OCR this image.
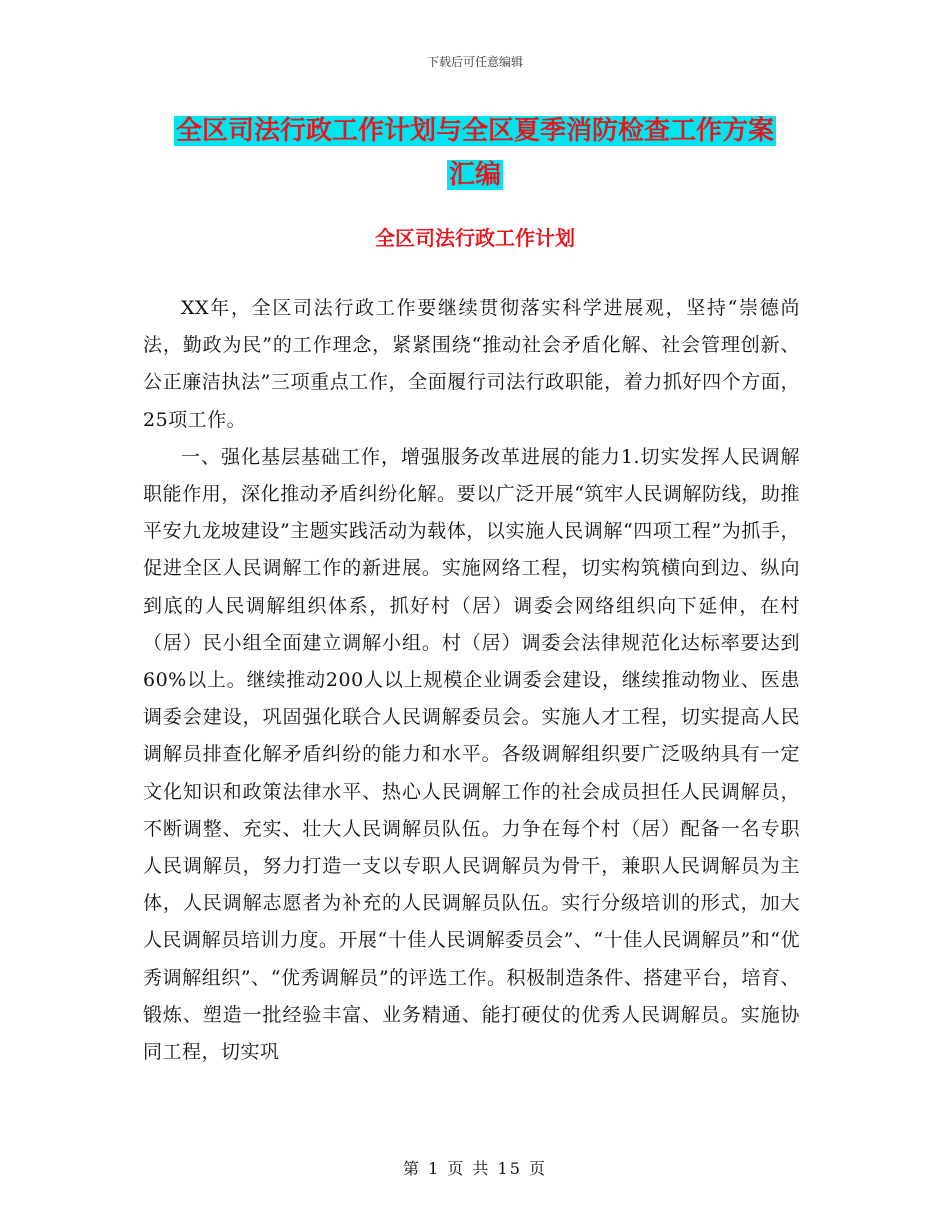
下载后可任意编辑
全区司法行政工作计划与全区夏季消防检查工作方案
汇编
全区司法行政工作计划

XX年，全区司法行政工作要继续贯彻落实科学进展观，坚持“崇德尚法，勤政为民”的工作理念，紧紧围绕“推动社会矛盾化解、社会管理创新、公正廉洁执法”三项重点工作，全面履行司法行政职能，着力抓好四个方面，25项工作。

一、强化基层基础工作，增强服务改革进展的能力1.切实发挥人民调解职能作用，深化推动矛盾纠纷化解。要以广泛开展“筑牢人民调解防线，助推平安九龙坡建设”主题实践活动为载体，以实施人民调解“四项工程”为抓手，促进全区人民调解工作的新进展。实施网络工程，切实构筑横向到边、纵向到底的人民调解组织体系，抓好村（居）调委会网络组织向下延伸，在村（居）民小组全面建立调解小组。村（居）调委会法律规范化达标率要达到60%以上。继续推动200人以上规模企业调委会建设，继续推动物业、医患调委会建设，巩固强化联合人民调解委员会。实施人才工程，切实提高人民调解员排查化解矛盾纠纷的能力和水平。各级调解组织要广泛吸纳具有一定文化知识和政策法律水平、热心人民调解工作的社会成员担任人民调解员，不断调整、充实、壮大人民调解员队伍。力争在每个村（居）配备一名专职人民调解员，努力打造一支以专职人民调解员为骨干，兼职人民调解员为主体，人民调解志愿者为补充的人民调解员队伍。实行分级培训的形式，加大人民调解员培训力度。开展“十佳人民调解委员会”、“十佳人民调解员”和“优秀调解组织”、“优秀调解员”的评选工作。积极制造条件、搭建平台，培育、锻炼、塑造一批经验丰富、业务精通、能打硬仗的优秀人民调解员。实施协同工程，切实巩

第 1 页 共 15 页
